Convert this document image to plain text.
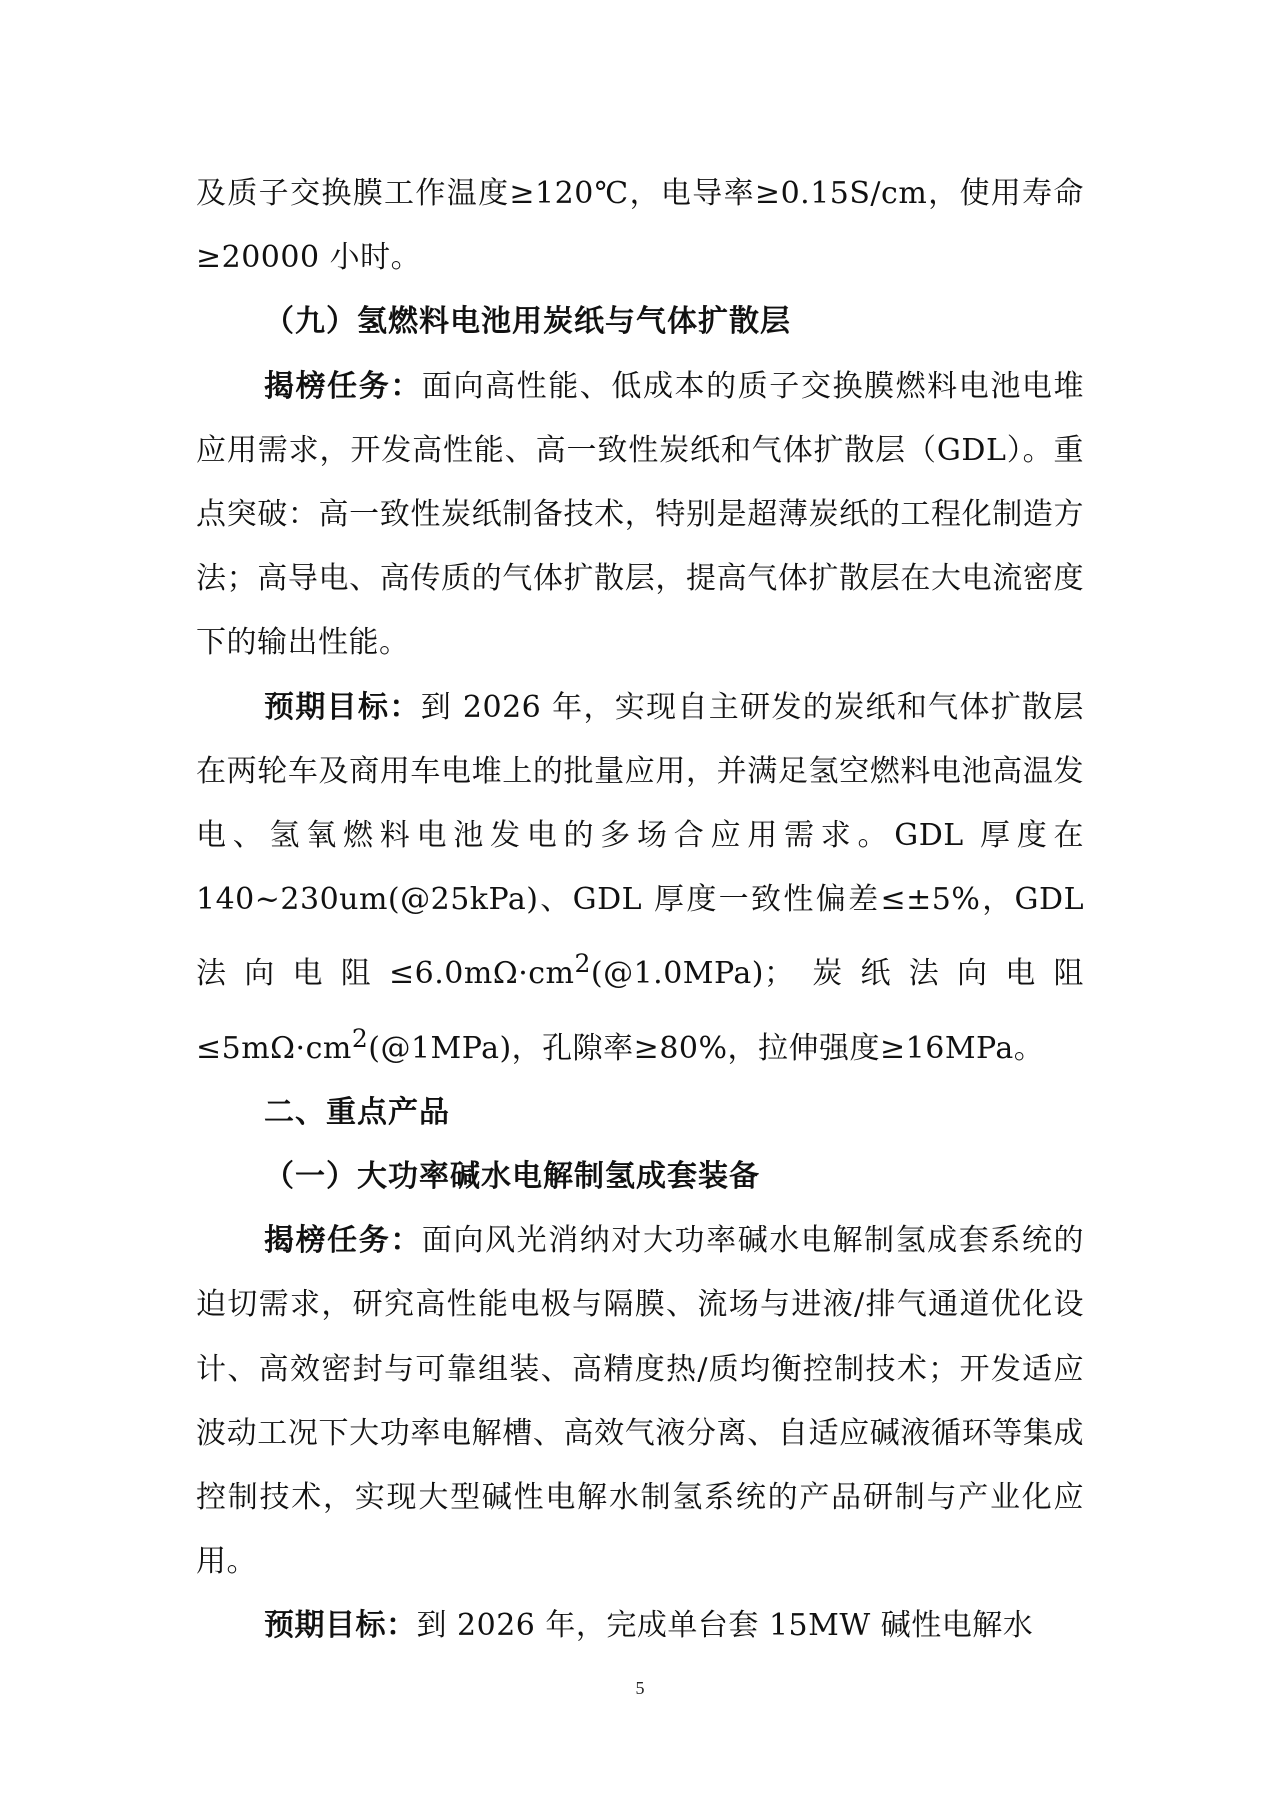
及质子交换膜工作温度≥120℃，电导率≥0.15S/cm，使用寿命≥20000 小时。

（九）氢燃料电池用炭纸与气体扩散层

揭榜任务：面向高性能、低成本的质子交换膜燃料电池电堆应用需求，开发高性能、高一致性炭纸和气体扩散层（GDL）。重点突破：高一致性炭纸制备技术，特别是超薄炭纸的工程化制造方法；高导电、高传质的气体扩散层，提高气体扩散层在大电流密度下的输出性能。

预期目标：到 2026 年，实现自主研发的炭纸和气体扩散层在两轮车及商用车电堆上的批量应用，并满足氢空燃料电池高温发电、氢氧燃料电池发电的多场合应用需求。GDL 厚度在 140~230um(@25kPa)、GDL 厚度一致性偏差≤±5%，GDL 法向电阻$\le 6.0m\Omega\cdot cm^2(@1.0MPa)$；炭纸法向电阻$\le 5m\Omega\cdot cm^2(@1MPa)$，孔隙率≥80%，拉伸强度≥16MPa。

二、重点产品

（一）大功率碱水电解制氢成套装备

揭榜任务：面向风光消纳对大功率碱水电解制氢成套系统的迫切需求，研究高性能电极与隔膜、流场与进液/排气通道优化设计、高效密封与可靠组装、高精度热/质均衡控制技术；开发适应波动工况下大功率电解槽、高效气液分离、自适应碱液循环等集成控制技术，实现大型碱性电解水制氢系统的产品研制与产业化应用。

预期目标：到 2026 年，完成单台套 15MW 碱性电解水

5
